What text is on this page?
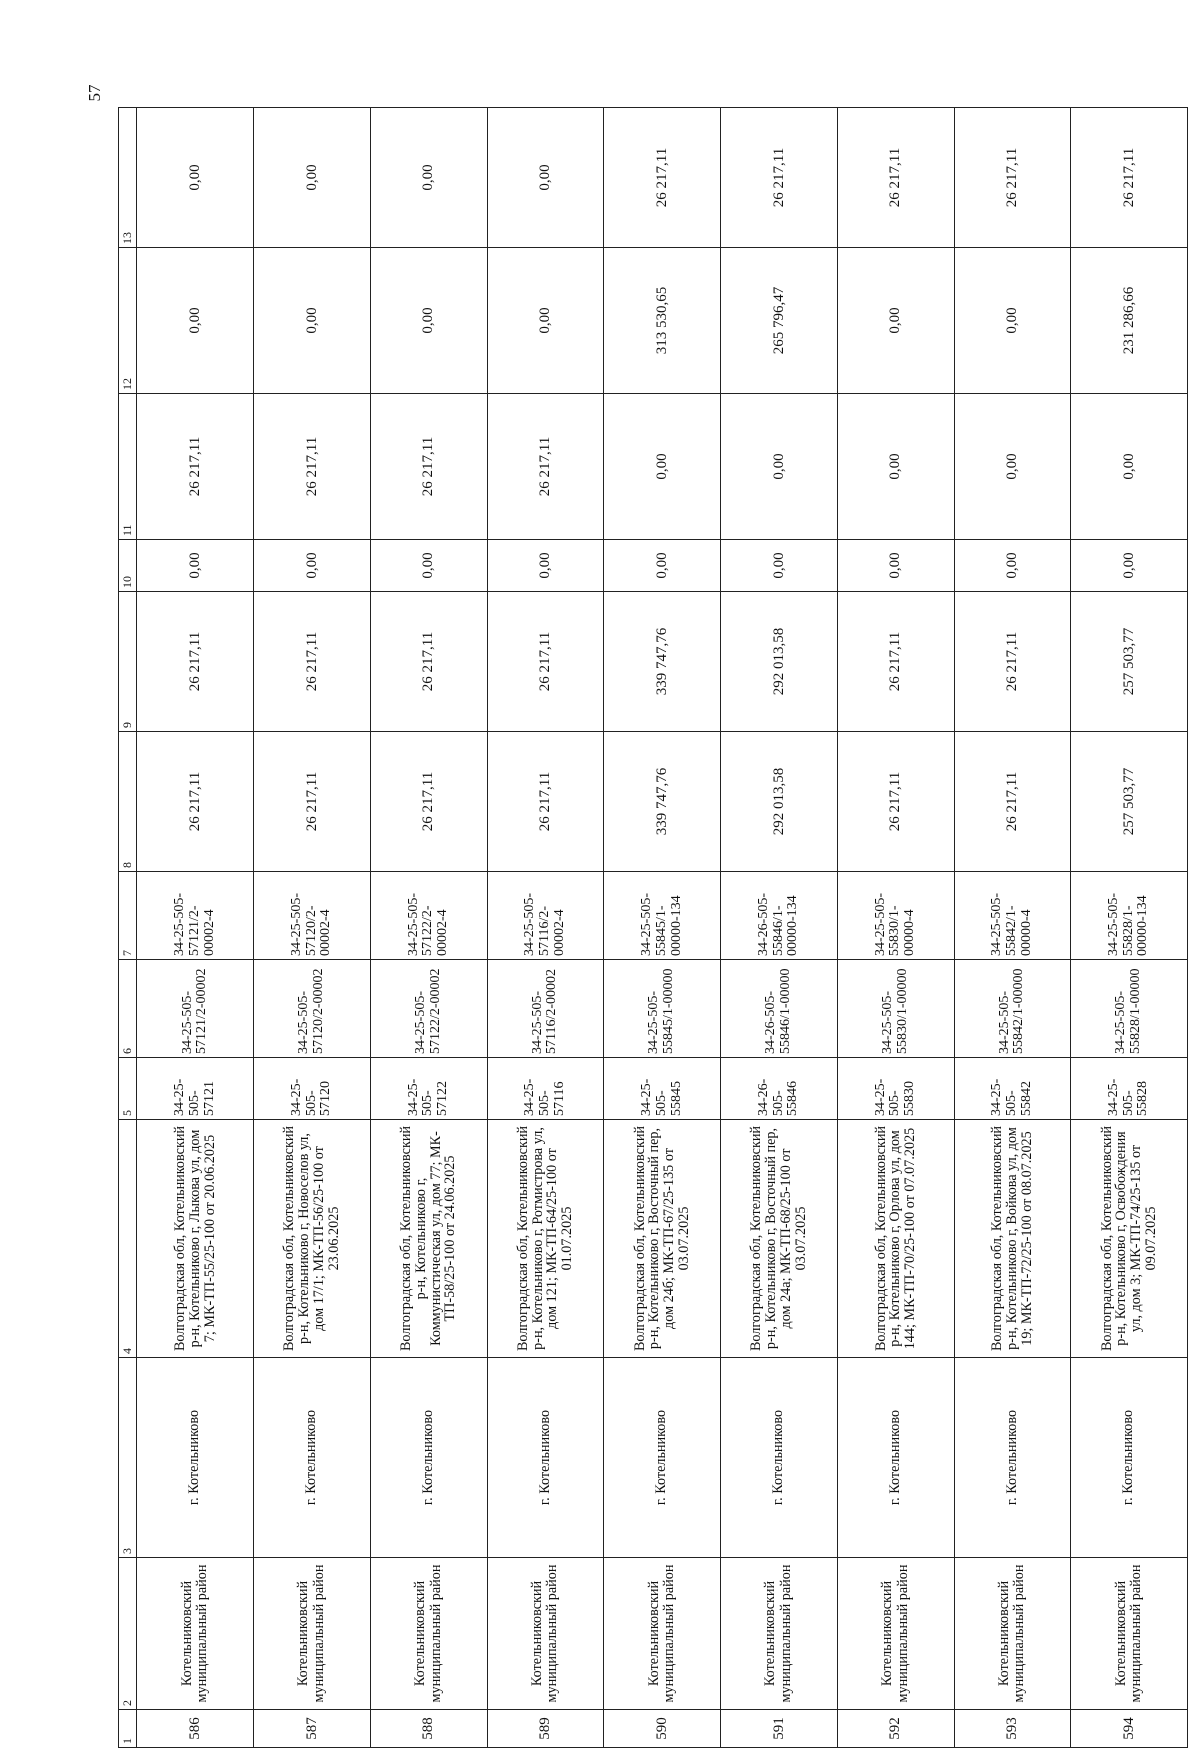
57
1	2	3	4	5	6	7	8	9	10	11	12	13
586	Котельниковский муниципальный район	г. Котельниково	Волгоградская обл, Котельниковский р-н, Котельниково г, Лыкова ул, дом 7; МК-ТП-55/25-100 от 20.06.2025	34-25-505-57121	34-25-505-57121/2-00002	34-25-505-57121/2-00002-4	26 217,11	26 217,11	0,00	26 217,11	0,00	0,00
587	Котельниковский муниципальный район	г. Котельниково	Волгоградская обл, Котельниковский р-н, Котельниково г, Новоселов ул, дом 17/1; МК-ТП-56/25-100 от 23.06.2025	34-25-505-57120	34-25-505-57120/2-00002	34-25-505-57120/2-00002-4	26 217,11	26 217,11	0,00	26 217,11	0,00	0,00
588	Котельниковский муниципальный район	г. Котельниково	Волгоградская обл, Котельниковский р-н, Котельниково г, Коммунистическая ул, дом 77; МК-ТП-58/25-100 от 24.06.2025	34-25-505-57122	34-25-505-57122/2-00002	34-25-505-57122/2-00002-4	26 217,11	26 217,11	0,00	26 217,11	0,00	0,00
589	Котельниковский муниципальный район	г. Котельниково	Волгоградская обл, Котельниковский р-н, Котельниково г, Ротмистрова ул, дом 121; МК-ТП-64/25-100 от 01.07.2025	34-25-505-57116	34-25-505-57116/2-00002	34-25-505-57116/2-00002-4	26 217,11	26 217,11	0,00	26 217,11	0,00	0,00
590	Котельниковский муниципальный район	г. Котельниково	Волгоградская обл, Котельниковский р-н, Котельниково г, Восточный пер, дом 24б; МК-ТП-67/25-135 от 03.07.2025	34-25-505-55845	34-25-505-55845/1-00000	34-25-505-55845/1-00000-134	339 747,76	339 747,76	0,00	0,00	313 530,65	26 217,11
591	Котельниковский муниципальный район	г. Котельниково	Волгоградская обл, Котельниковский р-н, Котельниково г, Восточный пер, дом 24а; МК-ТП-68/25-100 от 03.07.2025	34-26-505-55846	34-26-505-55846/1-00000	34-26-505-55846/1-00000-134	292 013,58	292 013,58	0,00	0,00	265 796,47	26 217,11
592	Котельниковский муниципальный район	г. Котельниково	Волгоградская обл, Котельниковский р-н, Котельниково г, Орлова ул, дом 144; МК-ТП-70/25-100 от 07.07.2025	34-25-505-55830	34-25-505-55830/1-00000	34-25-505-55830/1-00000-4	26 217,11	26 217,11	0,00	0,00	0,00	26 217,11
593	Котельниковский муниципальный район	г. Котельниково	Волгоградская обл, Котельниковский р-н, Котельниково г, Войкова ул, дом 19; МК-ТП-72/25-100 от 08.07.2025	34-25-505-55842	34-25-505-55842/1-00000	34-25-505-55842/1-00000-4	26 217,11	26 217,11	0,00	0,00	0,00	26 217,11
594	Котельниковский муниципальный район	г. Котельниково	Волгоградская обл, Котельниковский р-н, Котельниково г, Освобождения ул, дом 3; МК-ТП-74/25-135 от 09.07.2025	34-25-505-55828	34-25-505-55828/1-00000	34-25-505-55828/1-00000-134	257 503,77	257 503,77	0,00	0,00	231 286,66	26 217,11
